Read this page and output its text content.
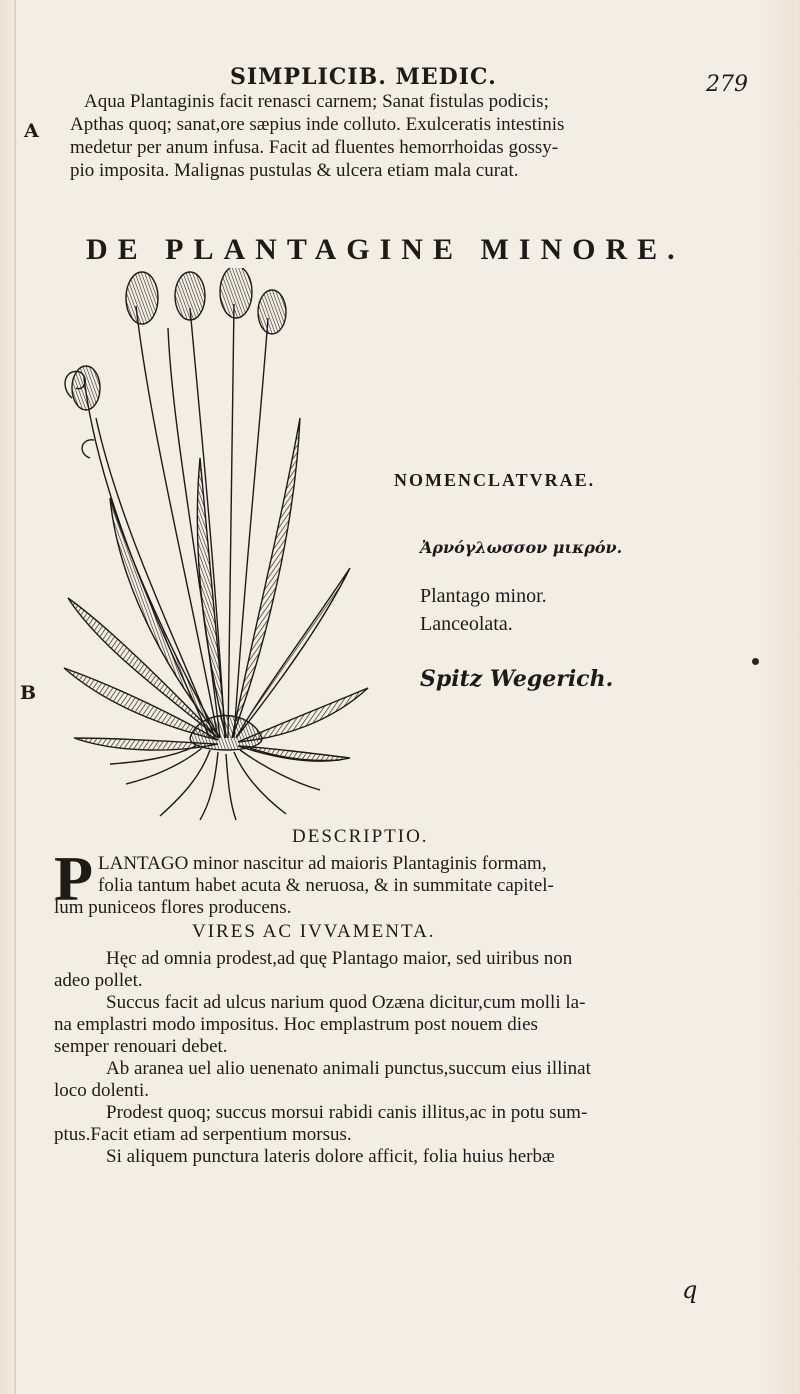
SIMPLICIB. MEDIC.	279
A
B

Aqua Plantaginis facit renasci carnem; Sanat fistulas podicis;

Apthas quoq; sanat,ore sæpius inde colluto. Exulceratis intestinis

medetur per anum infusa. Facit ad fluentes hemorrhoidas gossy-

pio imposita. Malignas pustulas & ulcera etiam mala curat.

DE PLANTAGINE MINORE.
NOMENCLATVRAE.
Ἀρνόγλωσσον μικρόν.
Plantago minor.
Lanceolata.
Spitz Wegerich.
DESCRIPTIO.
P LANTAGO minor nascitur ad maioris Plantaginis formam,
folia tantum habet acuta & neruosa, & in summitate capitel-
lum puniceos flores producens.
VIRES AC IVVAMENTA.
Hęc ad omnia prodest,ad quę Plantago maior, sed uiribus non
adeo pollet.
Succus facit ad ulcus narium quod Ozæna dicitur,cum molli la-
na emplastri modo impositus. Hoc emplastrum post nouem dies
semper renouari debet.
Ab aranea uel alio uenenato animali punctus,succum eius illinat
loco dolenti.
Prodest quoq; succus morsui rabidi canis illitus,ac in potu sum-
ptus.Facit etiam ad serpentium morsus.
Si aliquem punctura lateris dolore afficit, folia huius herbæ
q
